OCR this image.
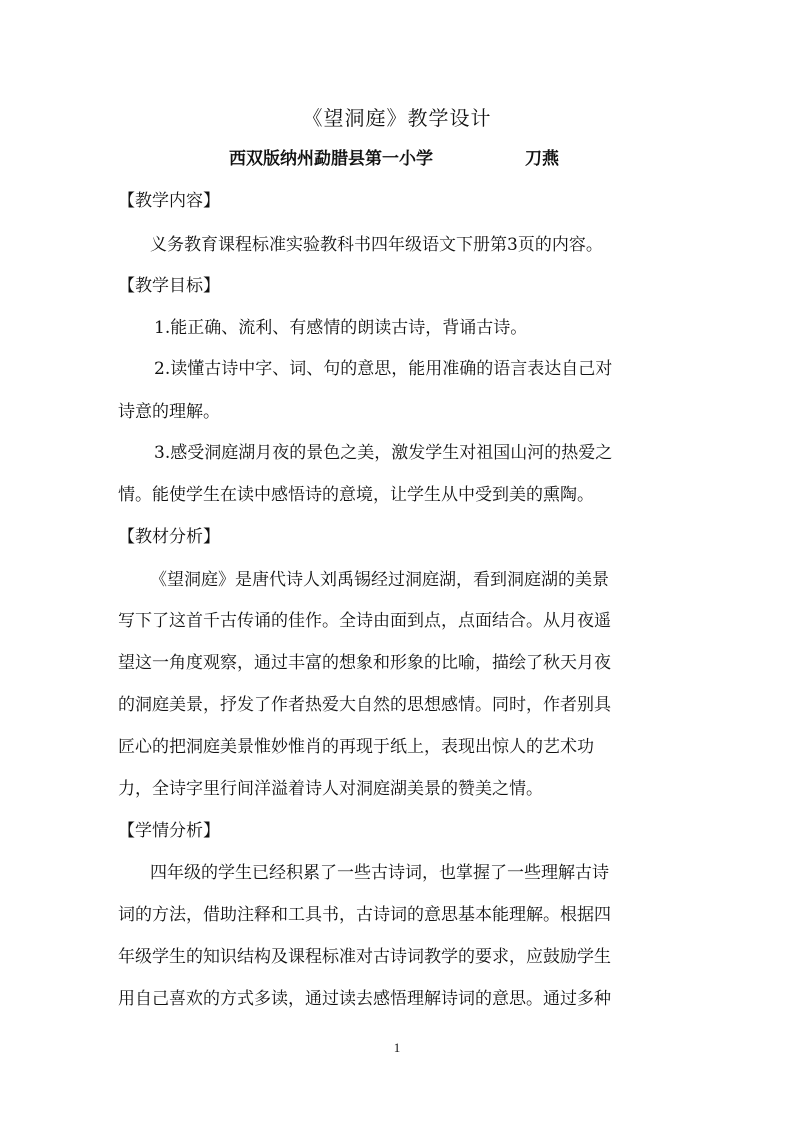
《望洞庭》教学设计
西双版纳州勐腊县第一小学	刀燕
【教学内容】
义务教育课程标准实验教科书四年级语文下册第3页的内容。
【教学目标】
1.能正确、流利、有感情的朗读古诗，背诵古诗。
2.读懂古诗中字、词、句的意思，能用准确的语言表达自己对
诗意的理解。
3.感受洞庭湖月夜的景色之美，激发学生对祖国山河的热爱之
情。能使学生在读中感悟诗的意境，让学生从中受到美的熏陶。
【教材分析】
《望洞庭》是唐代诗人刘禹锡经过洞庭湖，看到洞庭湖的美景
写下了这首千古传诵的佳作。全诗由面到点，点面结合。从月夜遥
望这一角度观察，通过丰富的想象和形象的比喻，描绘了秋天月夜
的洞庭美景，抒发了作者热爱大自然的思想感情。同时，作者别具
匠心的把洞庭美景惟妙惟肖的再现于纸上，表现出惊人的艺术功
力，全诗字里行间洋溢着诗人对洞庭湖美景的赞美之情。
【学情分析】
四年级的学生已经积累了一些古诗词，也掌握了一些理解古诗
词的方法，借助注释和工具书，古诗词的意思基本能理解。根据四
年级学生的知识结构及课程标准对古诗词教学的要求，应鼓励学生
用自己喜欢的方式多读，通过读去感悟理解诗词的意思。通过多种
1
